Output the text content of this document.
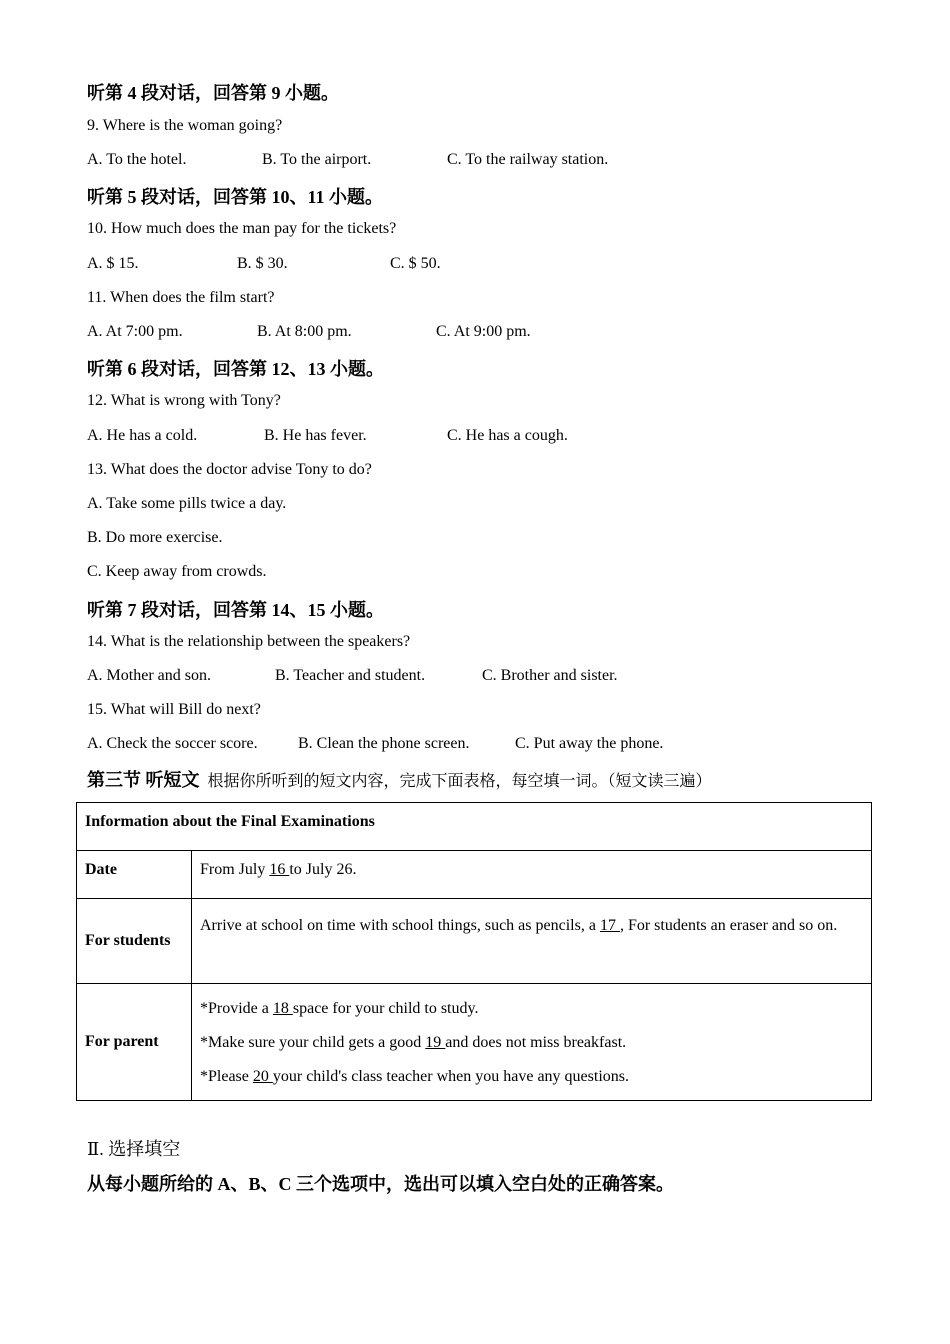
听第 4 段对话，回答第 9 小题。
9. Where is the woman going?
A. To the hotel.	B. To the airport.	C. To the railway station.
听第 5 段对话，回答第 10、11 小题。
10. How much does the man pay for the tickets?
A. $ 15.	B. $ 30.	C. $ 50.
11. When does the film start?
A. At 7:00 pm.	B. At 8:00 pm.	C. At 9:00 pm.
听第 6 段对话，回答第 12、13 小题。
12. What is wrong with Tony?
A. He has a cold.	B. He has fever.	C. He has a cough.
13. What does the doctor advise Tony to do?
A. Take some pills twice a day.
B. Do more exercise.
C. Keep away from crowds.
听第 7 段对话，回答第 14、15 小题。
14. What is the relationship between the speakers?
A. Mother and son.	B. Teacher and student.	C. Brother and sister.
15. What will Bill do next?
A. Check the soccer score.	B. Clean the phone screen.	C. Put away the phone.
第三节 听短文 根据你所听到的短文内容，完成下面表格，每空填一词。（短文读三遍）
Information about the Final Examinations	
Date	From July 16 to July 26.
For students	Arrive at school on time with school things, such as pencils, a 17 , For students an eraser and so on.
For parent	*Provide a 18 space for your child to study.
*Make sure your child gets a good 19 and does not miss breakfast.
*Please 20 your child's class teacher when you have any questions.
Ⅱ. 选择填空
从每小题所给的 A、B、C 三个选项中，选出可以填入空白处的正确答案。
